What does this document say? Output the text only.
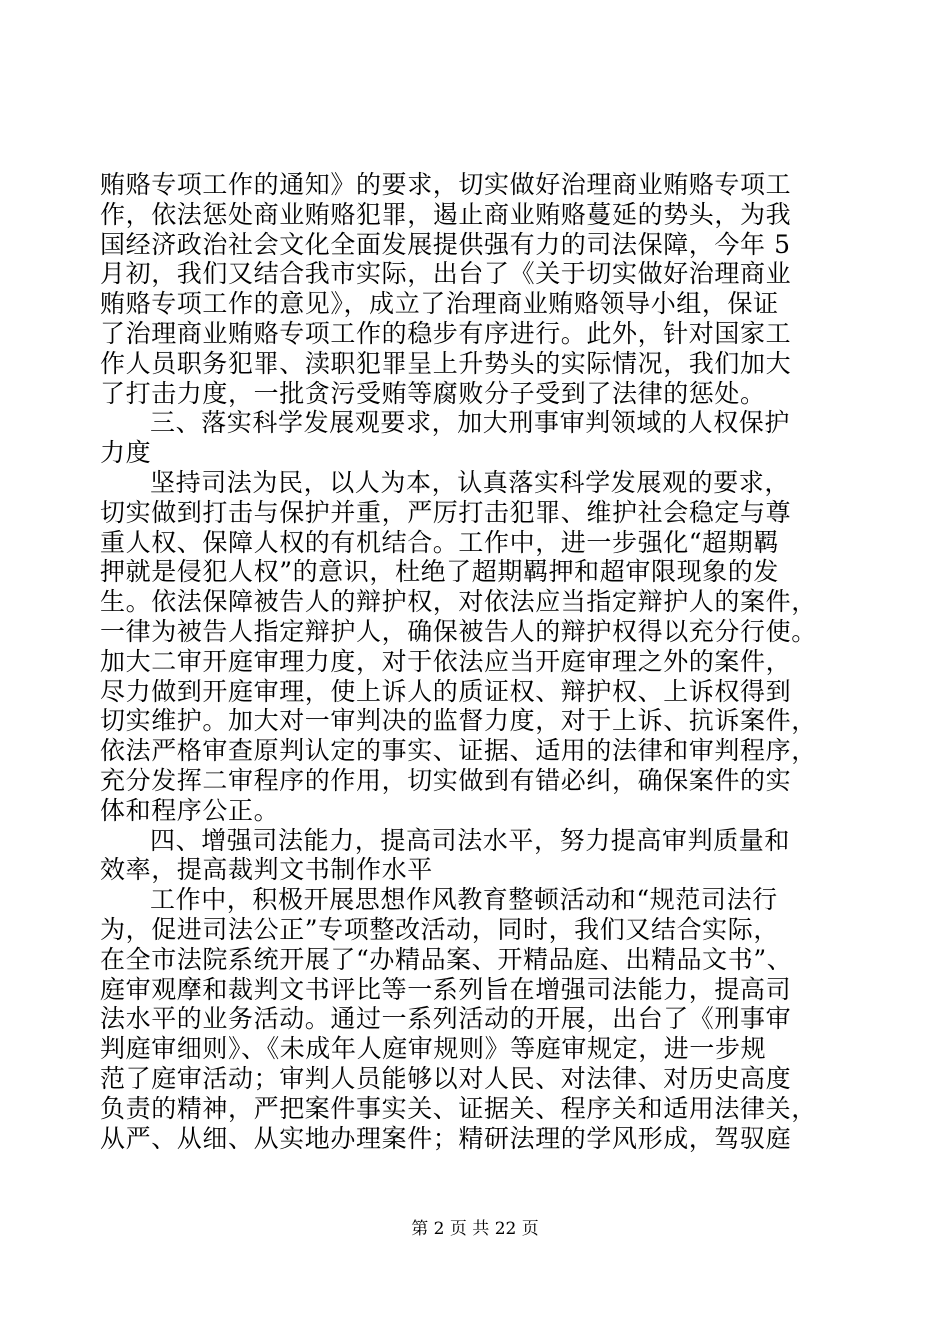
贿赂专项工作的通知》的要求，切实做好治理商业贿赂专项工
作，依法惩处商业贿赂犯罪，遏止商业贿赂蔓延的势头，为我
国经济政治社会文化全面发展提供强有力的司法保障，今年 5
月初，我们又结合我市实际，出台了《关于切实做好治理商业
贿赂专项工作的意见》，成立了治理商业贿赂领导小组，保证
了治理商业贿赂专项工作的稳步有序进行。此外，针对国家工
作人员职务犯罪、渎职犯罪呈上升势头的实际情况，我们加大
了打击力度，一批贪污受贿等腐败分子受到了法律的惩处。
三、落实科学发展观要求，加大刑事审判领域的人权保护
力度
坚持司法为民，以人为本，认真落实科学发展观的要求，
切实做到打击与保护并重，严厉打击犯罪、维护社会稳定与尊
重人权、保障人权的有机结合。工作中，进一步强化“超期羁
押就是侵犯人权”的意识，杜绝了超期羁押和超审限现象的发
生。依法保障被告人的辩护权，对依法应当指定辩护人的案件，
一律为被告人指定辩护人，确保被告人的辩护权得以充分行使。
加大二审开庭审理力度，对于依法应当开庭审理之外的案件，
尽力做到开庭审理，使上诉人的质证权、辩护权、上诉权得到
切实维护。加大对一审判决的监督力度，对于上诉、抗诉案件，
依法严格审查原判认定的事实、证据、适用的法律和审判程序，
充分发挥二审程序的作用，切实做到有错必纠，确保案件的实
体和程序公正。
四、增强司法能力，提高司法水平，努力提高审判质量和
效率，提高裁判文书制作水平
工作中，积极开展思想作风教育整顿活动和“规范司法行
为，促进司法公正”专项整改活动，同时，我们又结合实际，
在全市法院系统开展了“办精品案、开精品庭、出精品文书”、
庭审观摩和裁判文书评比等一系列旨在增强司法能力，提高司
法水平的业务活动。通过一系列活动的开展，出台了《刑事审
判庭审细则》、《未成年人庭审规则》等庭审规定，进一步规
范了庭审活动；审判人员能够以对人民、对法律、对历史高度
负责的精神，严把案件事实关、证据关、程序关和适用法律关，
从严、从细、从实地办理案件；精研法理的学风形成，驾驭庭
第 2 页 共 22 页
